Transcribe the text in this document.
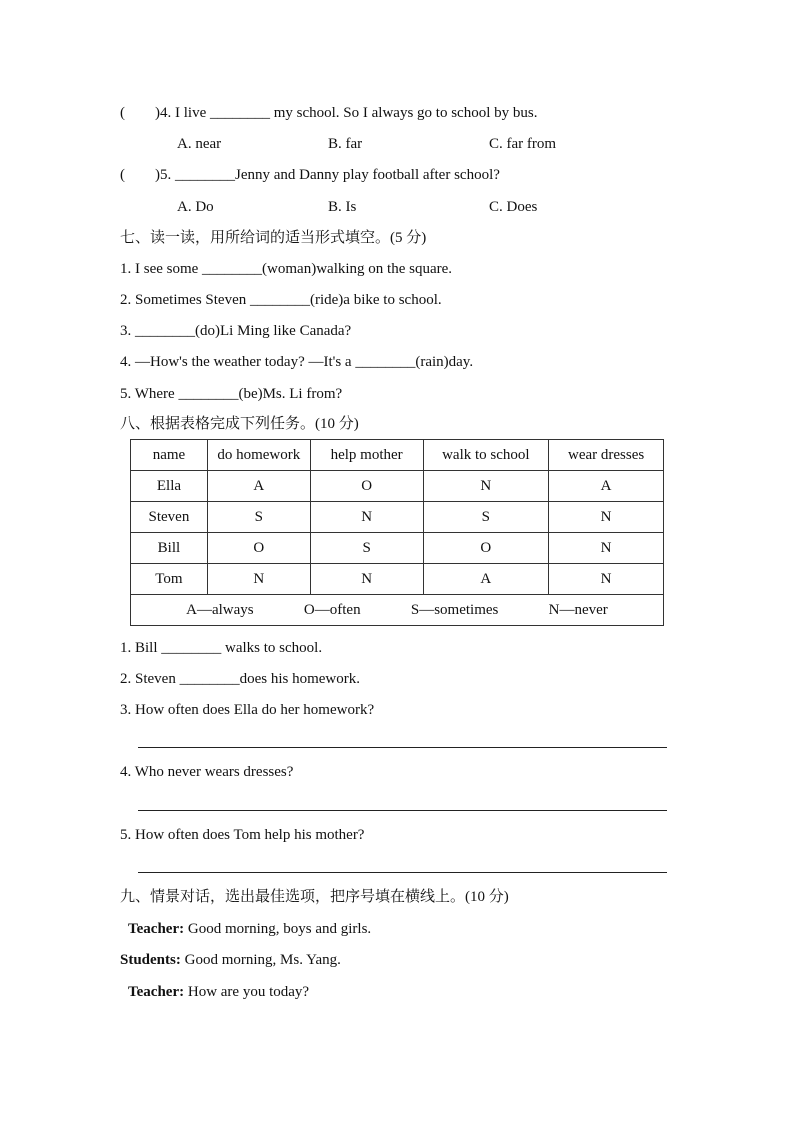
(        )4. I live ________ my school. So I always go to school by bus.
A. near	B. far	C. far from
(        )5. ________Jenny and Danny play football after school?
A. Do	B. Is	C. Does
七、读一读，用所给词的适当形式填空。(5 分)
1. I see some ________(woman)walking on the square.
2. Sometimes Steven ________(ride)a bike to school.
3. ________(do)Li Ming like Canada?
4. —How's the weather today? —It's a ________(rain)day.
5. Where ________(be)Ms. Li from?
八、根据表格完成下列任务。(10 分)
name	do homework	help mother	walk to school	wear dresses
Ella	A	O	N	A
Steven	S	N	S	N
Bill	O	S	O	N
Tom	N	N	A	N

A—always O—often S—sometimes N—never				
1. Bill ________ walks to school.
2. Steven ________does his homework.
3. How often does Ella do her homework?
4. Who never wears dresses?
5. How often does Tom help his mother?
九、情景对话，选出最佳选项，把序号填在横线上。(10 分)
Teacher: Good morning, boys and girls.
Students: Good morning, Ms. Yang.
Teacher: How are you today?
